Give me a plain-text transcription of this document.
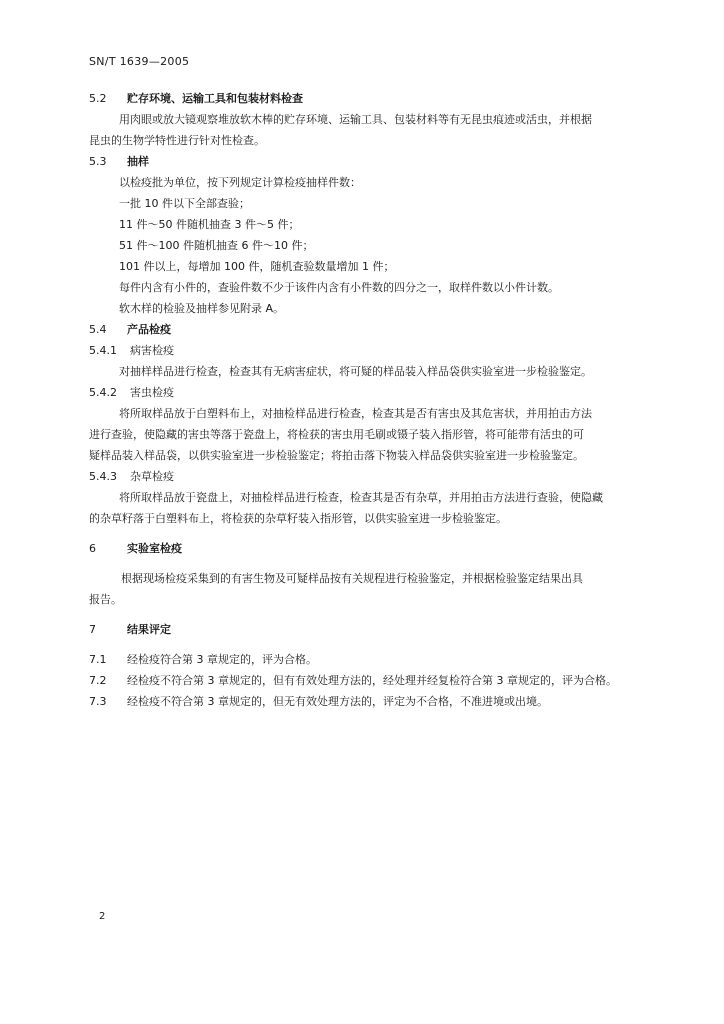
SN/T 1639—2005
5.2 贮存环境、运输工具和包装材料检查
用肉眼或放大镜观察堆放软木棒的贮存环境、运输工具、包装材料等有无昆虫痕迹或活虫，并根据
昆虫的生物学特性进行针对性检查。
5.3 抽样
以检疫批为单位，按下列规定计算检疫抽样件数：
一批 10 件以下全部查验；
11 件～50 件随机抽查 3 件～5 件；
51 件～100 件随机抽查 6 件～10 件；
101 件以上，每增加 100 件，随机查验数量增加 1 件；
每件内含有小件的，查验件数不少于该件内含有小件数的四分之一，取样件数以小件计数。
软木样的检验及抽样参见附录 A。
5.4 产品检疫
5.4.1 病害检疫
对抽样样品进行检查，检查其有无病害症状，将可疑的样品装入样品袋供实验室进一步检验鉴定。
5.4.2 害虫检疫
将所取样品放于白塑料布上，对抽检样品进行检查，检查其是否有害虫及其危害状，并用拍击方法
进行查验，使隐藏的害虫等落于瓷盘上，将检获的害虫用毛刷或镊子装入指形管，将可能带有活虫的可
疑样品装入样品袋，以供实验室进一步检验鉴定；将拍击落下物装入样品袋供实验室进一步检验鉴定。
5.4.3 杂草检疫
将所取样品放于瓷盘上，对抽检样品进行检查，检查其是否有杂草，并用拍击方法进行查验，使隐藏
的杂草籽落于白塑料布上，将检获的杂草籽装入指形管，以供实验室进一步检验鉴定。
6	实验室检疫
根据现场检疫采集到的有害生物及可疑样品按有关规程进行检验鉴定，并根据检验鉴定结果出具
报告。
7	结果评定
7.1 经检疫符合第 3 章规定的，评为合格。
7.2 经检疫不符合第 3 章规定的，但有有效处理方法的，经处理并经复检符合第 3 章规定的，评为合格。
7.3 经检疫不符合第 3 章规定的，但无有效处理方法的，评定为不合格，不准进境或出境。
2
